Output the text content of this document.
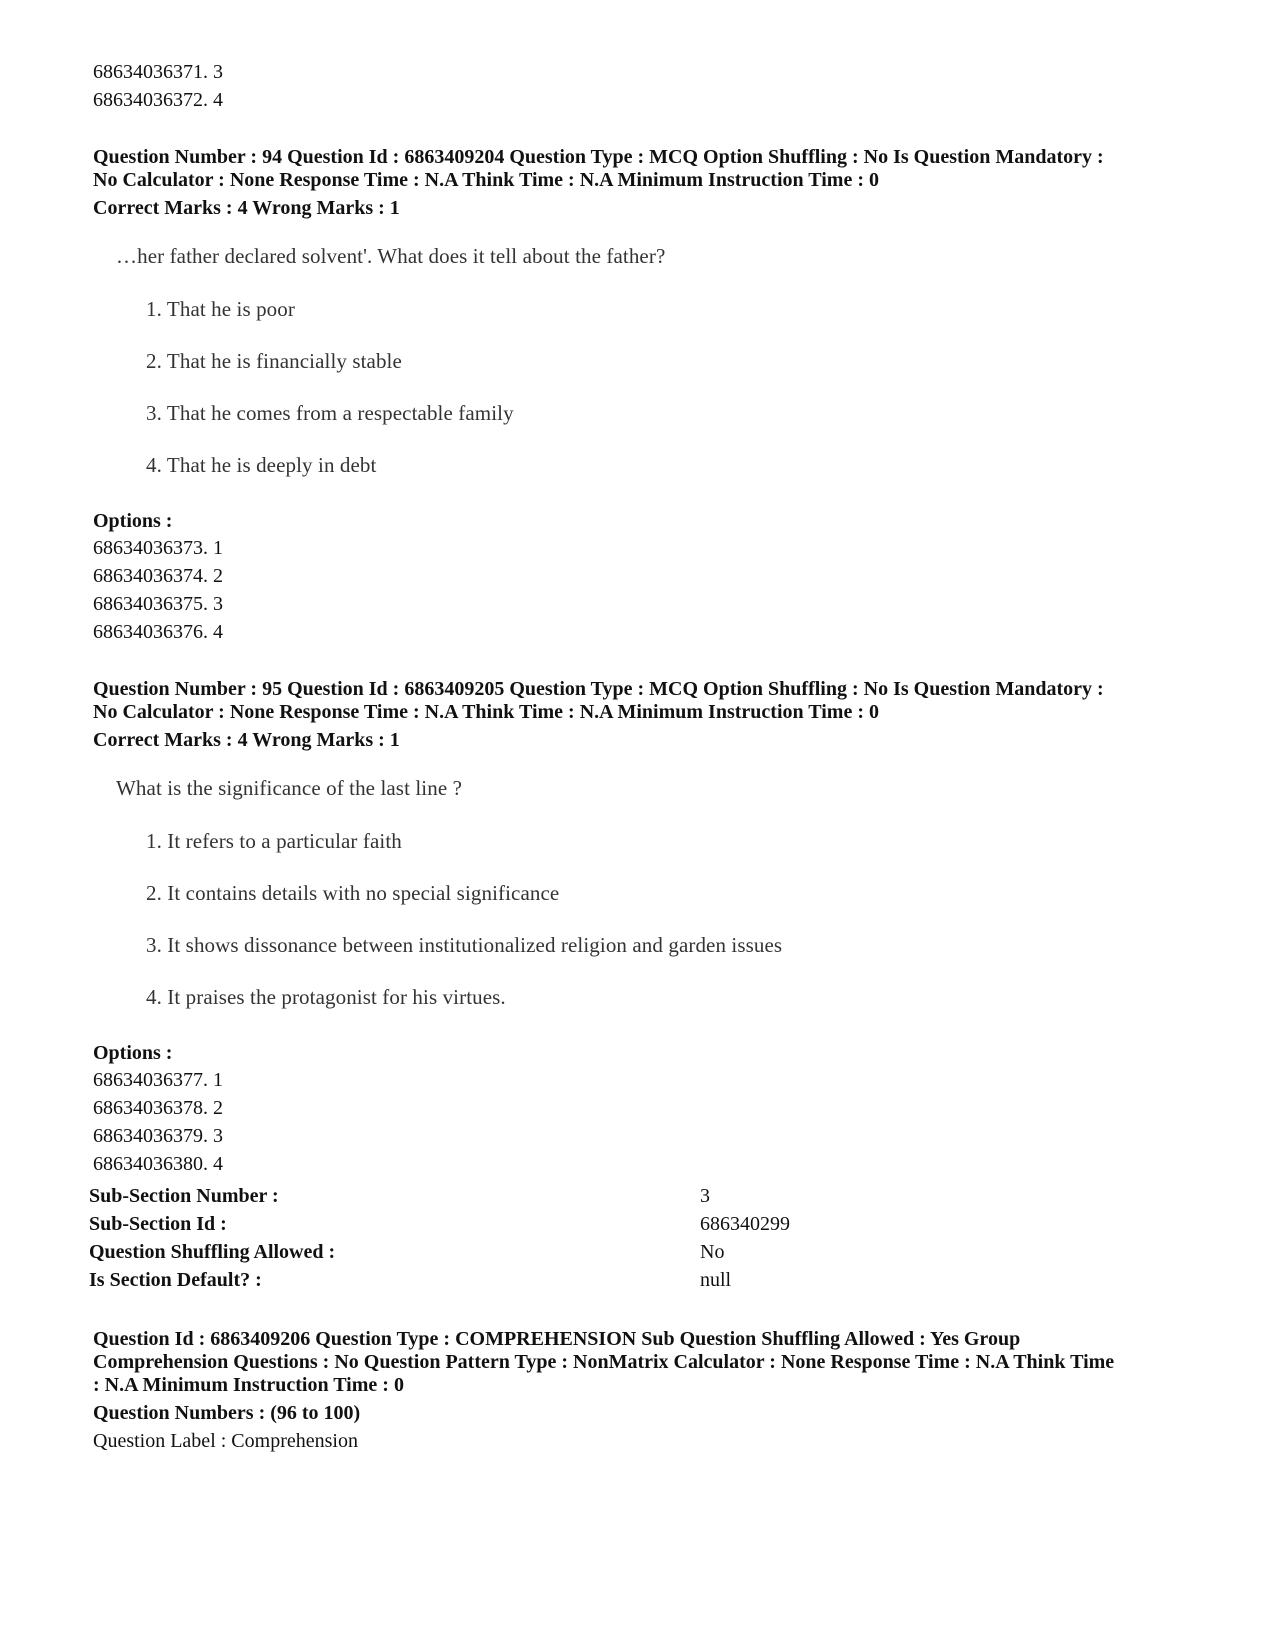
68634036371. 3
68634036372. 4
Question Number : 94 Question Id : 6863409204 Question Type : MCQ Option Shuffling : No Is Question Mandatory :
No Calculator : None Response Time : N.A Think Time : N.A Minimum Instruction Time : 0
Correct Marks : 4 Wrong Marks : 1
…her father declared solvent'. What does it tell about the father?
1. That he is poor
2. That he is financially stable
3. That he comes from a respectable family
4. That he is deeply in debt
Options :
68634036373. 1
68634036374. 2
68634036375. 3
68634036376. 4
Question Number : 95 Question Id : 6863409205 Question Type : MCQ Option Shuffling : No Is Question Mandatory :
No Calculator : None Response Time : N.A Think Time : N.A Minimum Instruction Time : 0
Correct Marks : 4 Wrong Marks : 1
What is the significance of the last line ?
1. It refers to a particular faith
2. It contains details with no special significance
3. It shows dissonance between institutionalized religion and garden issues
4. It praises the protagonist for his virtues.
Options :
68634036377. 1
68634036378. 2
68634036379. 3
68634036380. 4
Sub-Section Number :	3
Sub-Section Id :	686340299
Question Shuffling Allowed :	No
Is Section Default? :	null
Question Id : 6863409206 Question Type : COMPREHENSION Sub Question Shuffling Allowed : Yes Group
Comprehension Questions : No Question Pattern Type : NonMatrix Calculator : None Response Time : N.A Think Time
: N.A Minimum Instruction Time : 0
Question Numbers : (96 to 100)
Question Label : Comprehension
